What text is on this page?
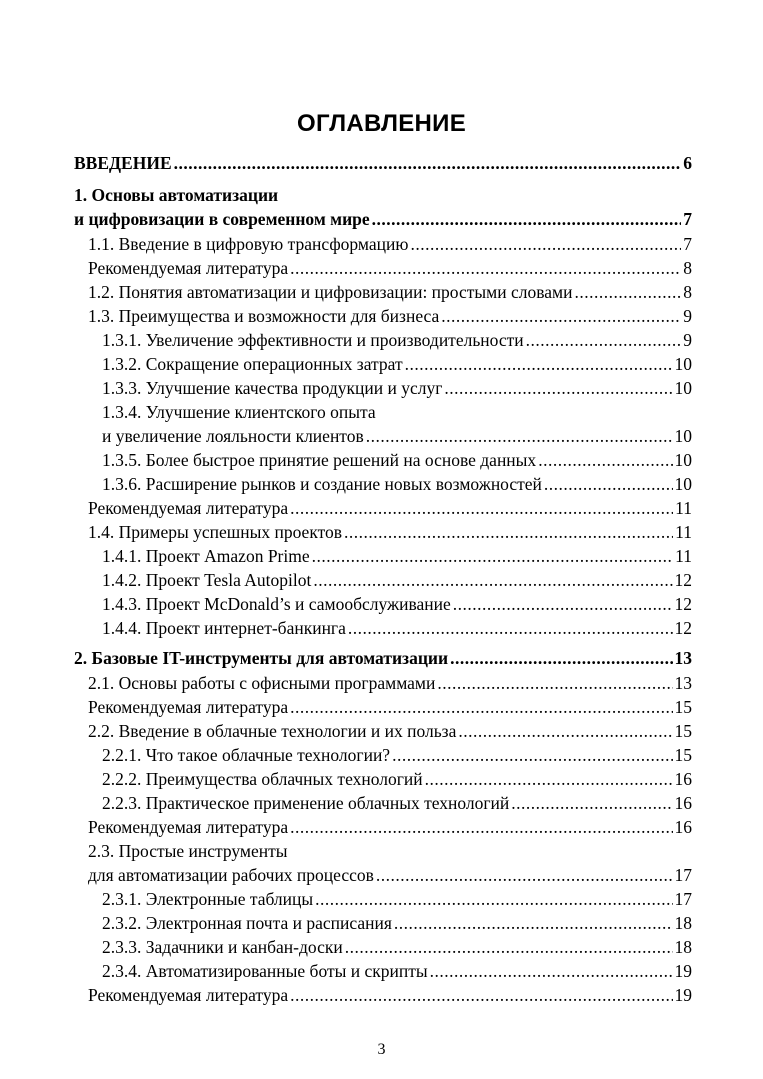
ОГЛАВЛЕНИЕ
ВВЕДЕНИЕ .....	6
1. Основы автоматизации
и цифровизации в современном мире .....	7
1.1. Введение в цифровую трансформацию .....	7
Рекомендуемая литература .....	8
1.2. Понятия автоматизации и цифровизации: простыми словами .....	8
1.3. Преимущества и возможности для бизнеса .....	9
1.3.1. Увеличение эффективности и производительности .....	9
1.3.2. Сокращение операционных затрат .....	10
1.3.3. Улучшение качества продукции и услуг .....	10
1.3.4. Улучшение клиентского опыта
и увеличение лояльности клиентов .....	10
1.3.5. Более быстрое принятие решений на основе данных .....	10
1.3.6. Расширение рынков и создание новых возможностей .....	10
Рекомендуемая литература .....	11
1.4. Примеры успешных проектов .....	11
1.4.1. Проект Amazon Prime .....	11
1.4.2. Проект Tesla Autopilot .....	12
1.4.3. Проект McDonald’s и самообслуживание .....	12
1.4.4. Проект интернет-банкинга .....	12
2. Базовые IT-инструменты для автоматизации .....	13
2.1. Основы работы с офисными программами .....	13
Рекомендуемая литература .....	15
2.2. Введение в облачные технологии и их польза .....	15
2.2.1. Что такое облачные технологии? .....	15
2.2.2. Преимущества облачных технологий .....	16
2.2.3. Практическое применение облачных технологий .....	16
Рекомендуемая литература .....	16
2.3. Простые инструменты
для автоматизации рабочих процессов .....	17
2.3.1. Электронные таблицы .....	17
2.3.2. Электронная почта и расписания .....	18
2.3.3. Задачники и канбан-доски .....	18
2.3.4. Автоматизированные боты и скрипты .....	19
Рекомендуемая литература .....	19
3
